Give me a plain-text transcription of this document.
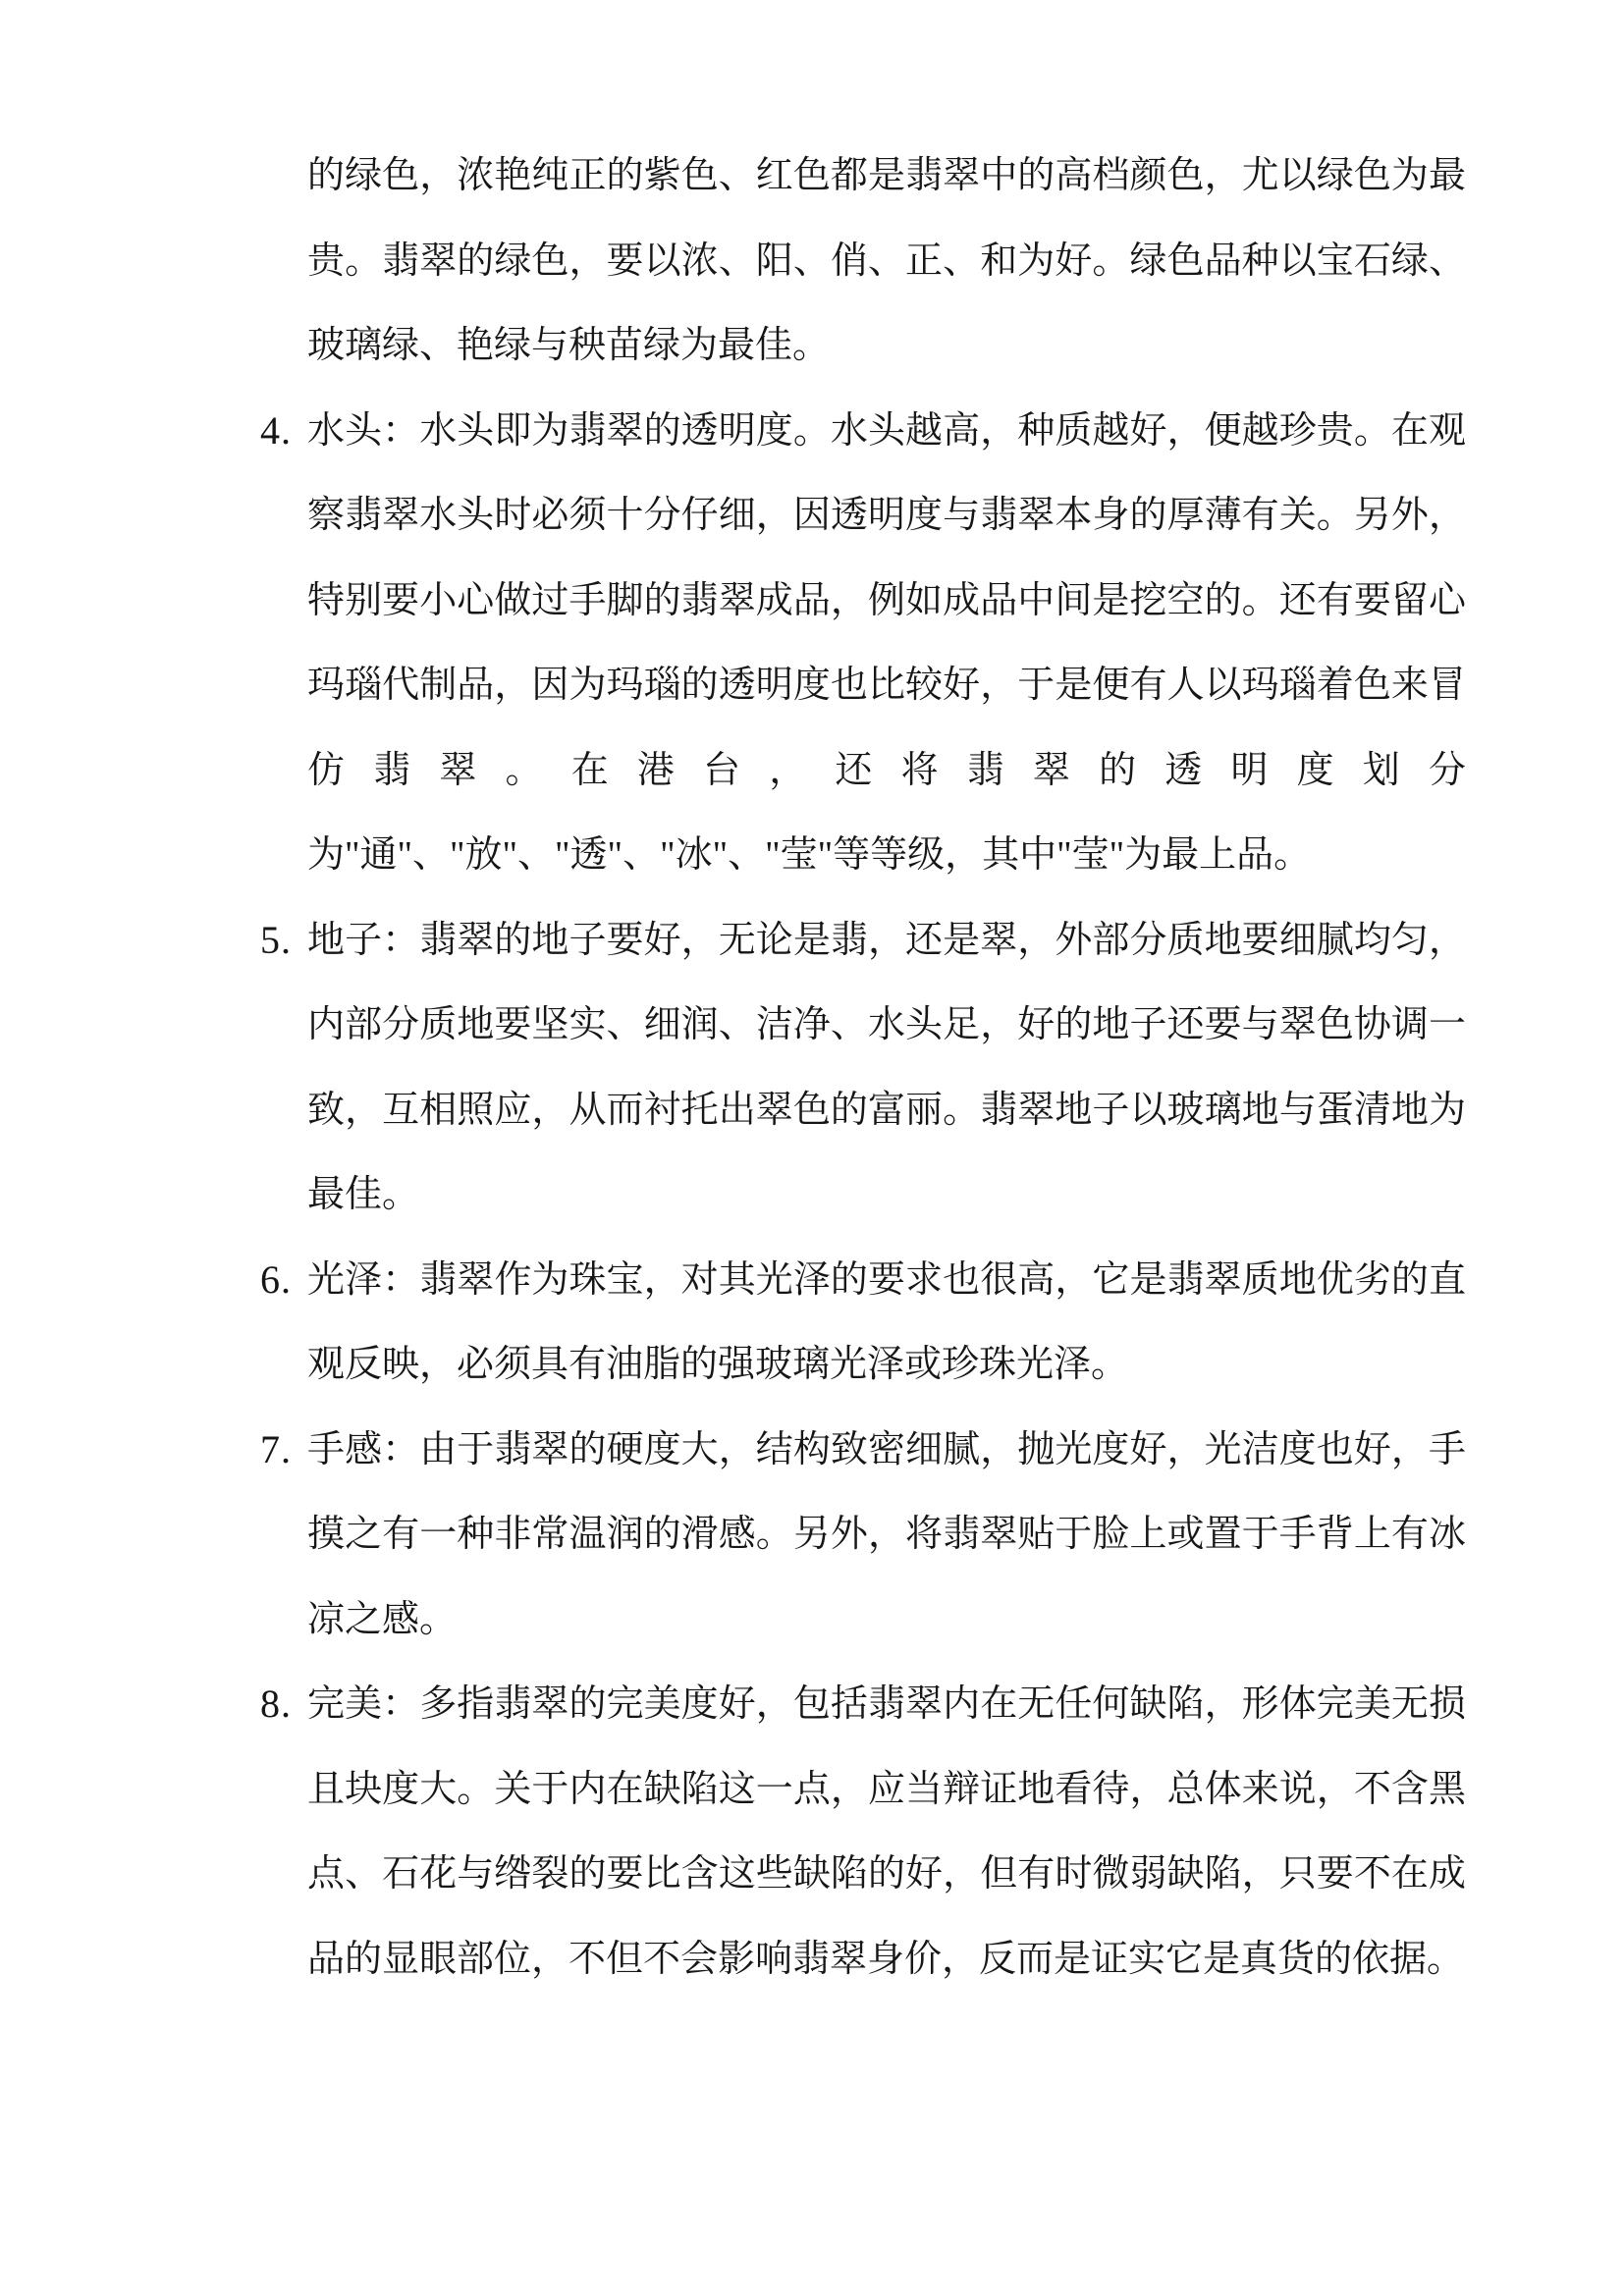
的绿色，浓艳纯正的紫色、红色都是翡翠中的高档颜色，尤以绿色为最贵。翡翠的绿色，要以浓、阳、俏、正、和为好。绿色品种以宝石绿、玻璃绿、艳绿与秧苗绿为最佳。

4. 水头：水头即为翡翠的透明度。水头越高，种质越好，便越珍贵。在观察翡翠水头时必须十分仔细，因透明度与翡翠本身的厚薄有关。另外，特别要小心做过手脚的翡翠成品，例如成品中间是挖空的。还有要留心玛瑙代制品，因为玛瑙的透明度也比较好，于是便有人以玛瑙着色来冒仿翡翠。在港台，还将翡翠的透明度划分为"通"、"放"、"透"、"冰"、"莹"等等级，其中"莹"为最上品。

5. 地子：翡翠的地子要好，无论是翡，还是翠，外部分质地要细腻均匀，内部分质地要坚实、细润、洁净、水头足，好的地子还要与翠色协调一致，互相照应，从而衬托出翠色的富丽。翡翠地子以玻璃地与蛋清地为最佳。

6. 光泽：翡翠作为珠宝，对其光泽的要求也很高，它是翡翠质地优劣的直观反映，必须具有油脂的强玻璃光泽或珍珠光泽。

7. 手感：由于翡翠的硬度大，结构致密细腻，抛光度好，光洁度也好，手摸之有一种非常温润的滑感。另外，将翡翠贴于脸上或置于手背上有冰凉之感。

8. 完美：多指翡翠的完美度好，包括翡翠内在无任何缺陷，形体完美无损且块度大。关于内在缺陷这一点，应当辩证地看待，总体来说，不含黑点、石花与绺裂的要比含这些缺陷的好，但有时微弱缺陷，只要不在成品的显眼部位，不但不会影响翡翠身价，反而是证实它是真货的依据。
